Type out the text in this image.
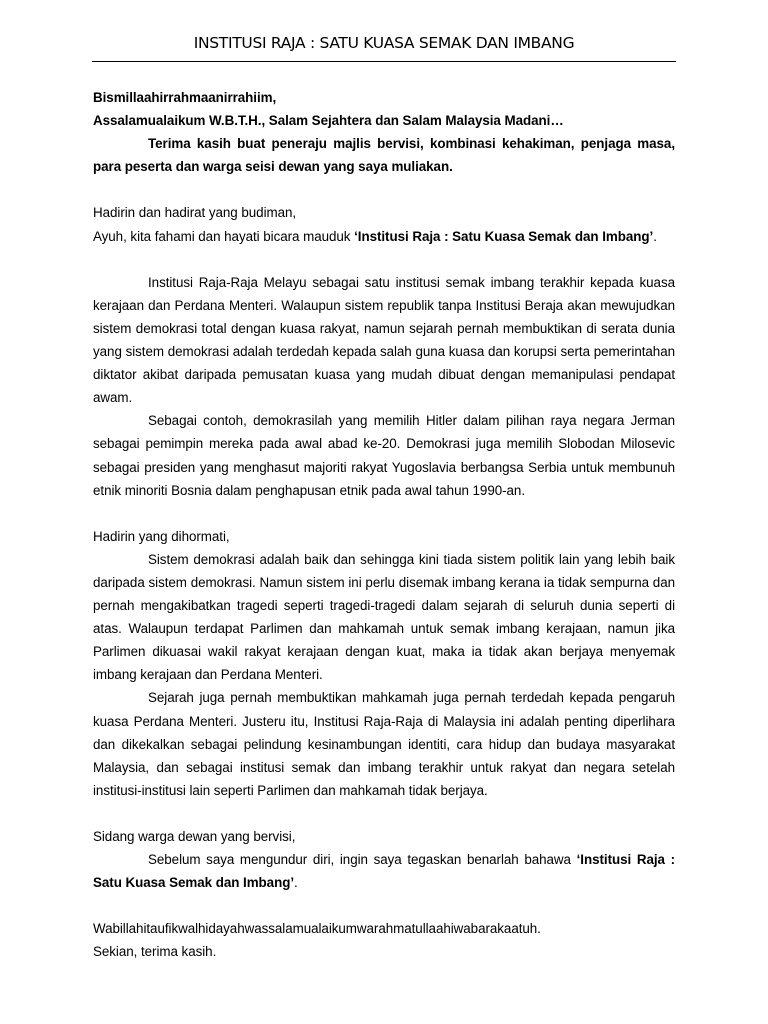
INSTITUSI RAJA : SATU KUASA SEMAK DAN IMBANG

Bismillaahirrahmaanirrahiim,

Assalamualaikum W.B.T.H., Salam Sejahtera dan Salam Malaysia Madani…

Terima kasih buat peneraju majlis bervisi, kombinasi kehakiman, penjaga masa, para peserta dan warga seisi dewan yang saya muliakan.

Hadirin dan hadirat yang budiman,

Ayuh, kita fahami dan hayati bicara mauduk ‘Institusi Raja : Satu Kuasa Semak dan Imbang’.

Institusi Raja-Raja Melayu sebagai satu institusi semak imbang terakhir kepada kuasa kerajaan dan Perdana Menteri. Walaupun sistem republik tanpa Institusi Beraja akan mewujudkan sistem demokrasi total dengan kuasa rakyat, namun sejarah pernah membuktikan di serata dunia yang sistem demokrasi adalah terdedah kepada salah guna kuasa dan korupsi serta pemerintahan diktator akibat daripada pemusatan kuasa yang mudah dibuat dengan memanipulasi pendapat awam.

Sebagai contoh, demokrasilah yang memilih Hitler dalam pilihan raya negara Jerman sebagai pemimpin mereka pada awal abad ke-20. Demokrasi juga memilih Slobodan Milosevic sebagai presiden yang menghasut majoriti rakyat Yugoslavia berbangsa Serbia untuk membunuh etnik minoriti Bosnia dalam penghapusan etnik pada awal tahun 1990-an.

Hadirin yang dihormati,

Sistem demokrasi adalah baik dan sehingga kini tiada sistem politik lain yang lebih baik daripada sistem demokrasi. Namun sistem ini perlu disemak imbang kerana ia tidak sempurna dan pernah mengakibatkan tragedi seperti tragedi-tragedi dalam sejarah di seluruh dunia seperti di atas. Walaupun terdapat Parlimen dan mahkamah untuk semak imbang kerajaan, namun jika Parlimen dikuasai wakil rakyat kerajaan dengan kuat, maka ia tidak akan berjaya menyemak imbang kerajaan dan Perdana Menteri.

Sejarah juga pernah membuktikan mahkamah juga pernah terdedah kepada pengaruh kuasa Perdana Menteri. Justeru itu, Institusi Raja-Raja di Malaysia ini adalah penting diperlihara dan dikekalkan sebagai pelindung kesinambungan identiti, cara hidup dan budaya masyarakat Malaysia, dan sebagai institusi semak dan imbang terakhir untuk rakyat dan negara setelah institusi-institusi lain seperti Parlimen dan mahkamah tidak berjaya.

Sidang warga dewan yang bervisi,

Sebelum saya mengundur diri, ingin saya tegaskan benarlah bahawa ‘Institusi Raja : Satu Kuasa Semak dan Imbang’.

Wabillahitaufikwalhidayahwassalamualaikumwarahmatullaahiwabarakaatuh.

Sekian, terima kasih.
